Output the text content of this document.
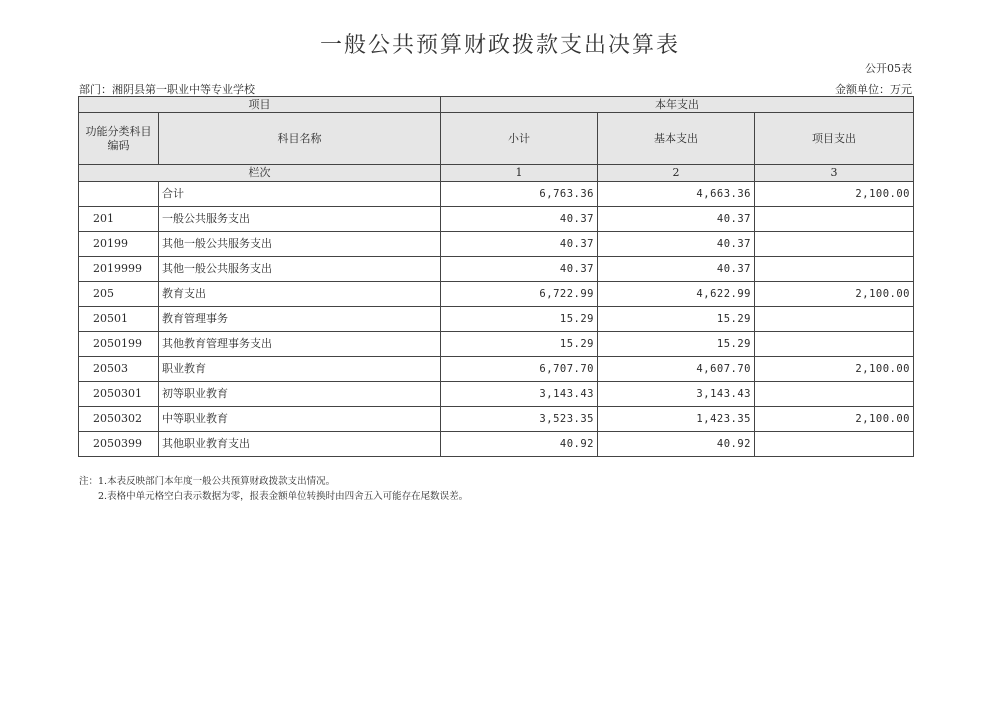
一般公共预算财政拨款支出决算表
公开05表
部门：湘阴县第一职业中等专业学校	金额单位：万元
项目		本年支出		
功能分类科目编码	科目名称	小计	基本支出	项目支出
栏次		1	2	3
	合计	6,763.36	4,663.36	2,100.00
201	一般公共服务支出	40.37	40.37	
20199	其他一般公共服务支出	40.37	40.37	
2019999	其他一般公共服务支出	40.37	40.37	
205	教育支出	6,722.99	4,622.99	2,100.00
20501	教育管理事务	15.29	15.29	
2050199	其他教育管理事务支出	15.29	15.29	
20503	职业教育	6,707.70	4,607.70	2,100.00
2050301	初等职业教育	3,143.43	3,143.43	
2050302	中等职业教育	3,523.35	1,423.35	2,100.00
2050399	其他职业教育支出	40.92	40.92	
注：1.本表反映部门本年度一般公共预算财政拨款支出情况。
2.表格中单元格空白表示数据为零，报表金额单位转换时由四舍五入可能存在尾数误差。
